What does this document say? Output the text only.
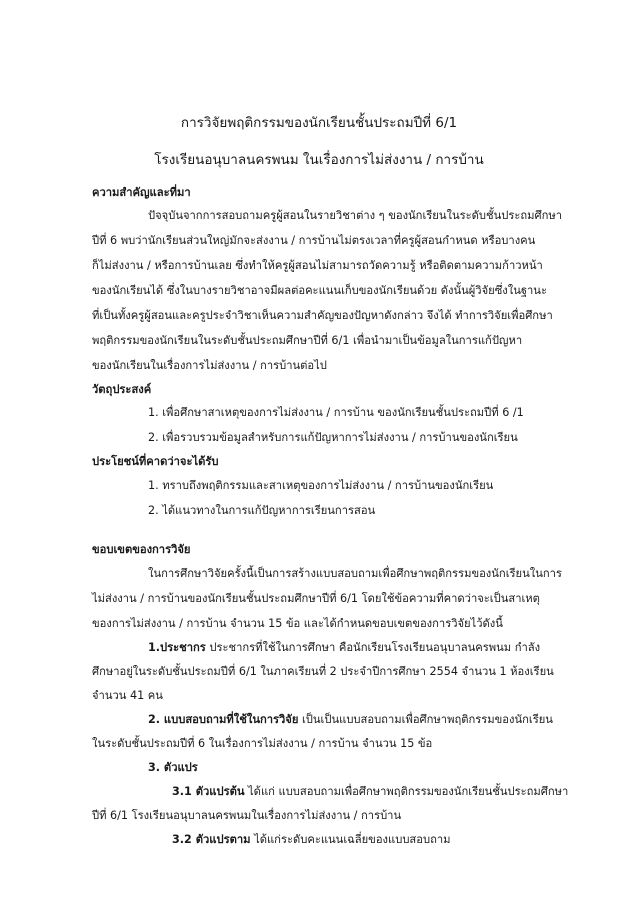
การวิจัยพฤติกรรมของนักเรียนชั้นประถมปีที่ 6/1
โรงเรียนอนุบาลนครพนม ในเรื่องการไม่ส่งงาน / การบ้าน
ความสำคัญและที่มา
ปัจจุบันจากการสอบถามครูผู้สอนในรายวิชาต่าง ๆ ของนักเรียนในระดับชั้นประถมศึกษา
ปีที่ 6 พบว่านักเรียนส่วนใหญ่มักจะส่งงาน / การบ้านไม่ตรงเวลาที่ครูผู้สอนกำหนด หรือบางคน
ก็ไม่ส่งงาน / หรือการบ้านเลย ซึ่งทำให้ครูผู้สอนไม่สามารถวัดความรู้ หรือติดตามความก้าวหน้า
ของนักเรียนได้ ซึ่งในบางรายวิชาอาจมีผลต่อคะแนนเก็บของนักเรียนด้วย ดังนั้นผู้วิจัยซึ่งในฐานะ
ที่เป็นทั้งครูผู้สอนและครูประจำวิชาเห็นความสำคัญของปัญหาดังกล่าว จึงได้ ทำการวิจัยเพื่อศึกษา
พฤติกรรมของนักเรียนในระดับชั้นประถมศึกษาปีที่ 6/1 เพื่อนำมาเป็นข้อมูลในการแก้ปัญหา
ของนักเรียนในเรื่องการไม่ส่งงาน / การบ้านต่อไป
วัตถุประสงค์
1. เพื่อศึกษาสาเหตุของการไม่ส่งงาน / การบ้าน ของนักเรียนชั้นประถมปีที่ 6 /1
2. เพื่อรวบรวมข้อมูลสำหรับการแก้ปัญหาการไม่ส่งงาน / การบ้านของนักเรียน
ประโยชน์ที่คาดว่าจะได้รับ
1. ทราบถึงพฤติกรรมและสาเหตุของการไม่ส่งงาน / การบ้านของนักเรียน
2. ได้แนวทางในการแก้ปัญหาการเรียนการสอน
ขอบเขตของการวิจัย
ในการศึกษาวิจัยครั้งนี้เป็นการสร้างแบบสอบถามเพื่อศึกษาพฤติกรรมของนักเรียนในการ
ไม่ส่งงาน / การบ้านของนักเรียนชั้นประถมศึกษาปีที่ 6/1 โดยใช้ข้อความที่คาดว่าจะเป็นสาเหตุ
ของการไม่ส่งงาน / การบ้าน จำนวน 15 ข้อ และได้กำหนดขอบเขตของการวิจัยไว้ดังนี้
1.ประชากร ประชากรที่ใช้ในการศึกษา คือนักเรียนโรงเรียนอนุบาลนครพนม กำลัง
ศึกษาอยู่ในระดับชั้นประถมปีที่ 6/1 ในภาคเรียนที่ 2 ประจำปีการศึกษา 2554 จำนวน 1 ห้องเรียน
จำนวน 41 คน
2. แบบสอบถามที่ใช้ในการวิจัย เป็นเป็นแบบสอบถามเพื่อศึกษาพฤติกรรมของนักเรียน
ในระดับชั้นประถมปีที่ 6 ในเรื่องการไม่ส่งงาน / การบ้าน จำนวน 15 ข้อ
3. ตัวแปร
3.1 ตัวแปรต้น ได้แก่ แบบสอบถามเพื่อศึกษาพฤติกรรมของนักเรียนชั้นประถมศึกษา
ปีที่ 6/1 โรงเรียนอนุบาลนครพนมในเรื่องการไม่ส่งงาน / การบ้าน
3.2 ตัวแปรตาม ได้แก่ระดับคะแนนเฉลี่ยของแบบสอบถาม
